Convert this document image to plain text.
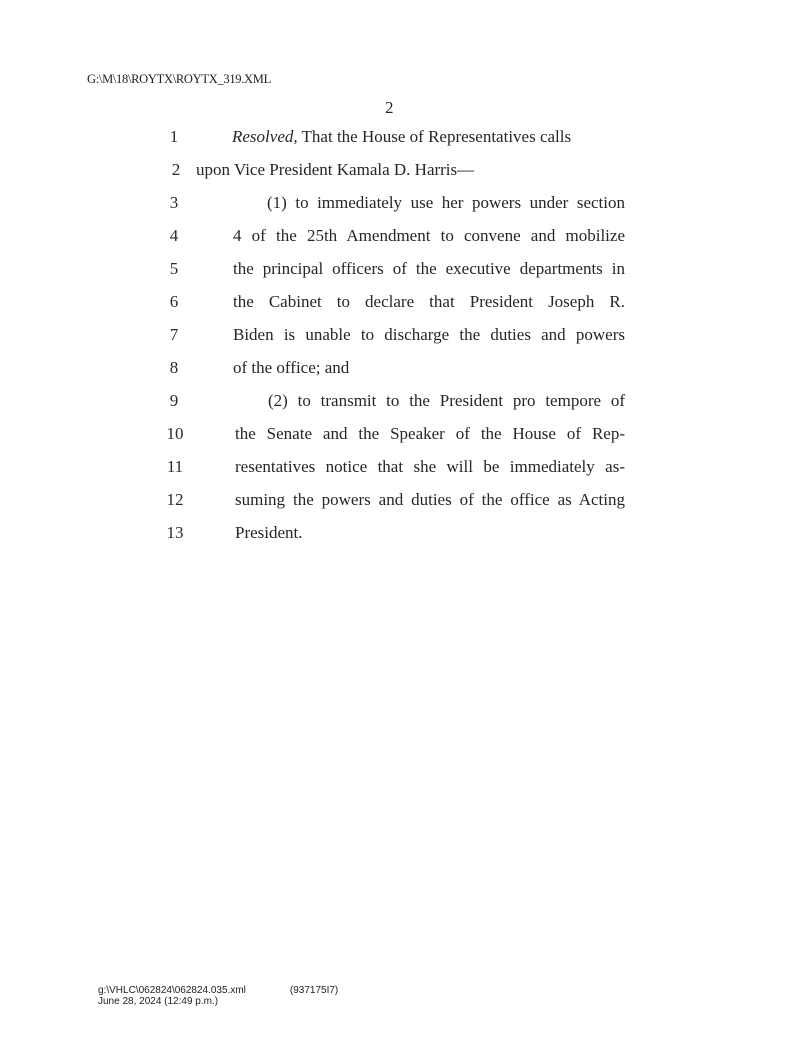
G:\M\18\ROYTX\ROYTX_319.XML
2
1	Resolved, That the House of Representatives calls
2 upon Vice President Kamala D. Harris—
3	(1) to immediately use her powers under section
4	4 of the 25th Amendment to convene and mobilize
5	the principal officers of the executive departments in
6	the Cabinet to declare that President Joseph R.
7	Biden is unable to discharge the duties and powers
8	of the office; and
9	(2) to transmit to the President pro tempore of
10	the Senate and the Speaker of the House of Rep-
11	resentatives notice that she will be immediately as-
12	suming the powers and duties of the office as Acting
13	President.
g:\VHLC\062824\062824.035.xml	(937175I7)
June 28, 2024 (12:49 p.m.)
